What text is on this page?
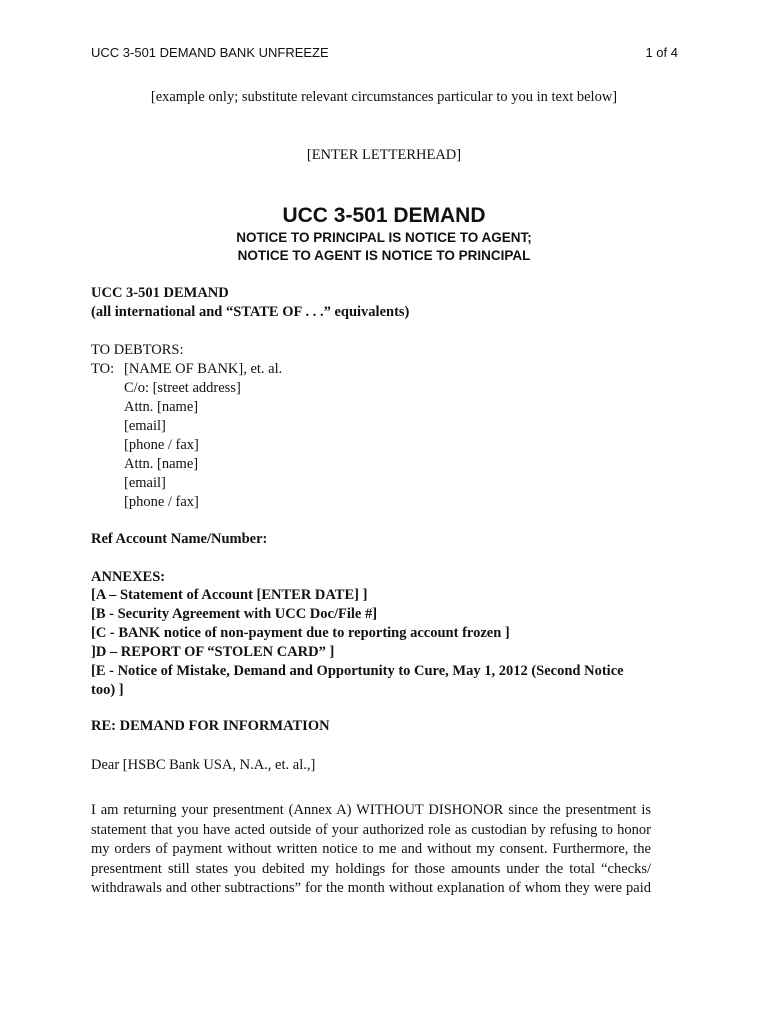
UCC 3-501 DEMAND BANK UNFREEZE	1 of 4
[example only; substitute relevant circumstances particular to you in text below]
[ENTER LETTERHEAD]
UCC 3-501 DEMAND
NOTICE TO PRINCIPAL IS NOTICE TO AGENT;
NOTICE TO AGENT IS NOTICE TO PRINCIPAL
UCC 3-501 DEMAND
(all international and “STATE OF . . .” equivalents)
TO DEBTORS:
TO: [NAME OF BANK], et. al.
C/o: [street address]
Attn. [name]
[email]
[phone / fax]
Attn. [name]
[email]
[phone / fax]
Ref Account Name/Number:
ANNEXES:
[A – Statement of Account [ENTER DATE] ]
[B - Security Agreement with UCC Doc/File #]
[C - BANK notice of non-payment due to reporting account frozen ]
]D – REPORT OF “STOLEN CARD” ]
[E - Notice of Mistake, Demand and Opportunity to Cure, May 1, 2012 (Second Notice
too) ]
RE: DEMAND FOR INFORMATION
Dear [HSBC Bank USA, N.A., et. al.,]

I am returning your presentment (Annex A) WITHOUT DISHONOR since the presentment is

statement that you have acted outside of your authorized role as custodian by refusing to honor

my orders of payment without written notice to me and without my consent. Furthermore, the

presentment still states you debited my holdings for those amounts under the total “checks/

withdrawals and other subtractions” for the month without explanation of whom they were paid
